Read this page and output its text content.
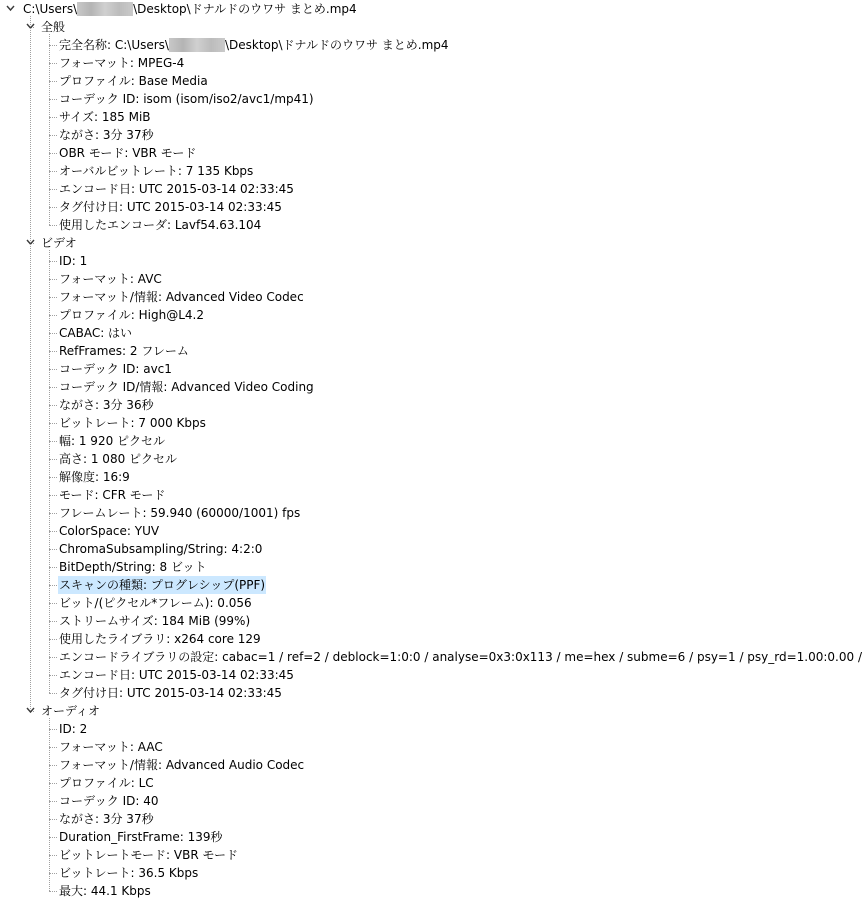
C:\Users\	\Desktop\ドナルドのウワサ まとめ.mp4
全般
完全名称: C:\Users\	\Desktop\ドナルドのウワサ まとめ.mp4
フォーマット: MPEG-4
プロファイル: Base Media
コーデック ID: isom (isom/iso2/avc1/mp41)
サイズ: 185 MiB
ながさ: 3分 37秒
OBR モード: VBR モード
オーバルビットレート: 7 135 Kbps
エンコード日: UTC 2015-03-14 02:33:45
タグ付け日: UTC 2015-03-14 02:33:45
使用したエンコーダ: Lavf54.63.104
ビデオ
ID: 1
フォーマット: AVC
フォーマット/情報: Advanced Video Codec
プロファイル: High@L4.2
CABAC: はい
RefFrames: 2 フレーム
コーデック ID: avc1
コーデック ID/情報: Advanced Video Coding
ながさ: 3分 36秒
ビットレート: 7 000 Kbps
幅: 1 920 ピクセル
高さ: 1 080 ピクセル
解像度: 16:9
モード: CFR モード
フレームレート: 59.940 (60000/1001) fps
ColorSpace: YUV
ChromaSubsampling/String: 4:2:0
BitDepth/String: 8 ビット
スキャンの種類: プログレシップ(PPF)
ビット/(ピクセル*フレーム): 0.056
ストリームサイズ: 184 MiB (99%)
使用したライブラリ: x264 core 129
エンコードライブラリの設定: cabac=1 / ref=2 / deblock=1:0:0 / analyse=0x3:0x113 / me=hex / subme=6 / psy=1 / psy_rd=1.00:0.00 /
エンコード日: UTC 2015-03-14 02:33:45
タグ付け日: UTC 2015-03-14 02:33:45
オーディオ
ID: 2
フォーマット: AAC
フォーマット/情報: Advanced Audio Codec
プロファイル: LC
コーデック ID: 40
ながさ: 3分 37秒
Duration_FirstFrame: 139秒
ビットレートモード: VBR モード
ビットレート: 36.5 Kbps
最大: 44.1 Kbps
